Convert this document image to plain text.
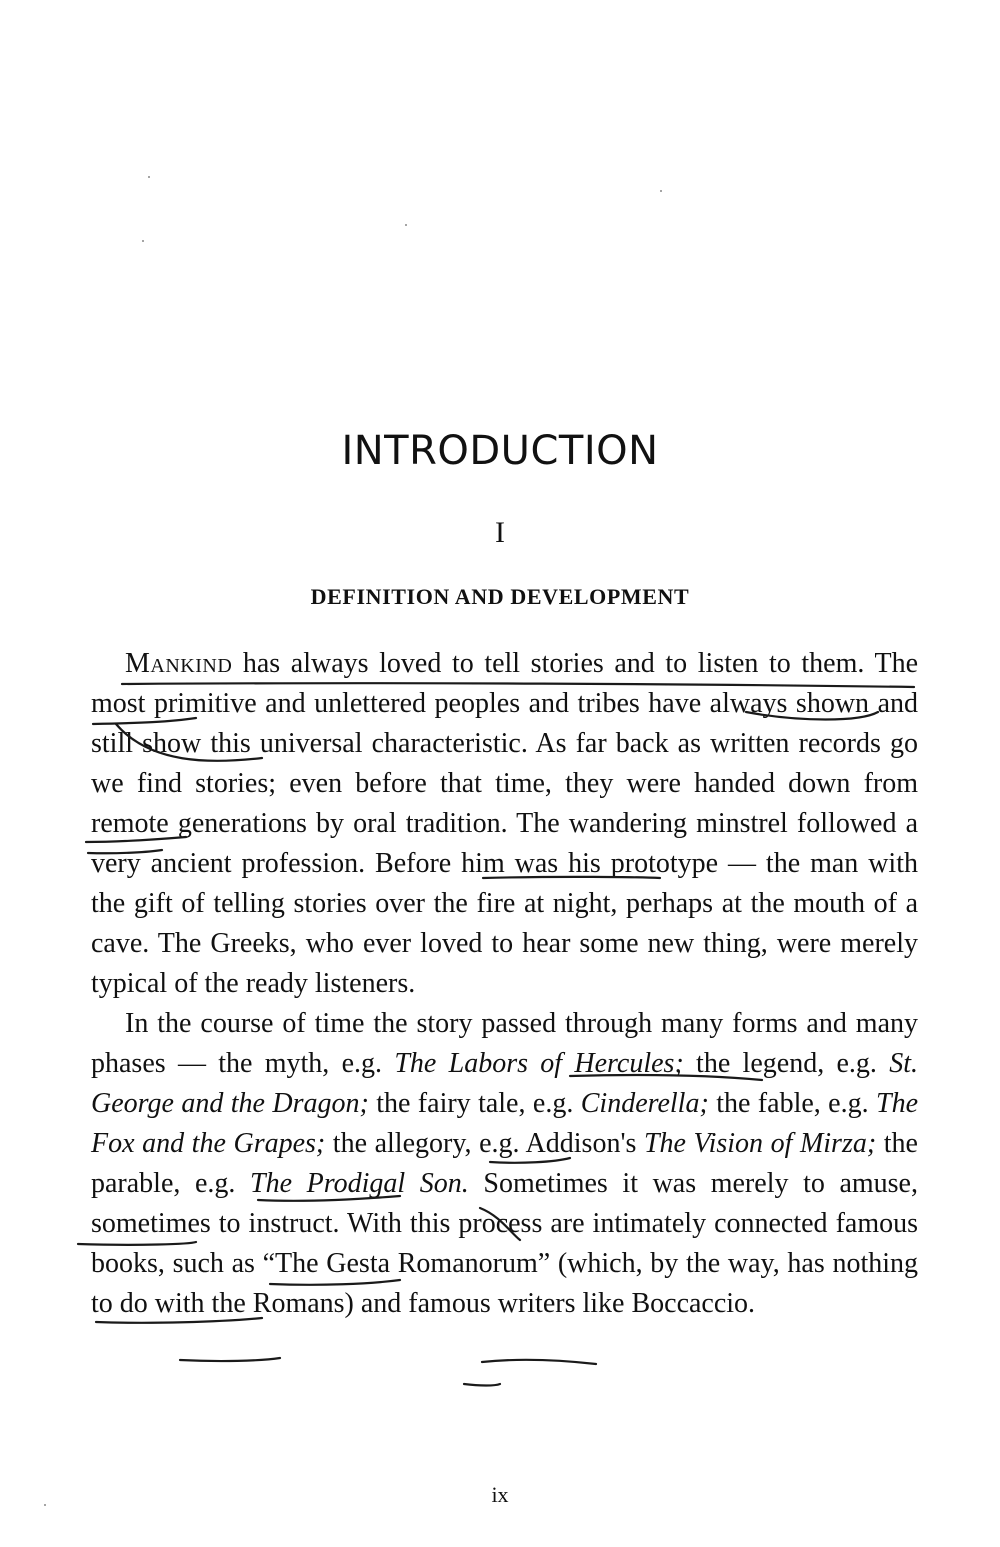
INTRODUCTION
I
DEFINITION AND DEVELOPMENT

Mankind has always loved to tell stories and to listen to them. The most primitive and unlettered peoples and tribes have always shown and still show this universal characteristic. As far back as written records go we find stories; even before that time, they were handed down from remote generations by oral tradition. The wandering minstrel followed a very ancient profession. Before him was his prototype — the man with the gift of telling stories over the fire at night, perhaps at the mouth of a cave. The Greeks, who ever loved to hear some new thing, were merely typical of the ready listeners.

In the course of time the story passed through many forms and many phases — the myth, e.g. The Labors of Hercules; the legend, e.g. St. George and the Dragon; the fairy tale, e.g. Cinderella; the fable, e.g. The Fox and the Grapes; the allegory, e.g. Addison's The Vision of Mirza; the parable, e.g. The Prodigal Son. Sometimes it was merely to amuse, sometimes to instruct. With this process are intimately connected famous books, such as “The Gesta Romanorum” (which, by the way, has nothing to do with the Romans) and famous writers like Boccaccio.

ix
